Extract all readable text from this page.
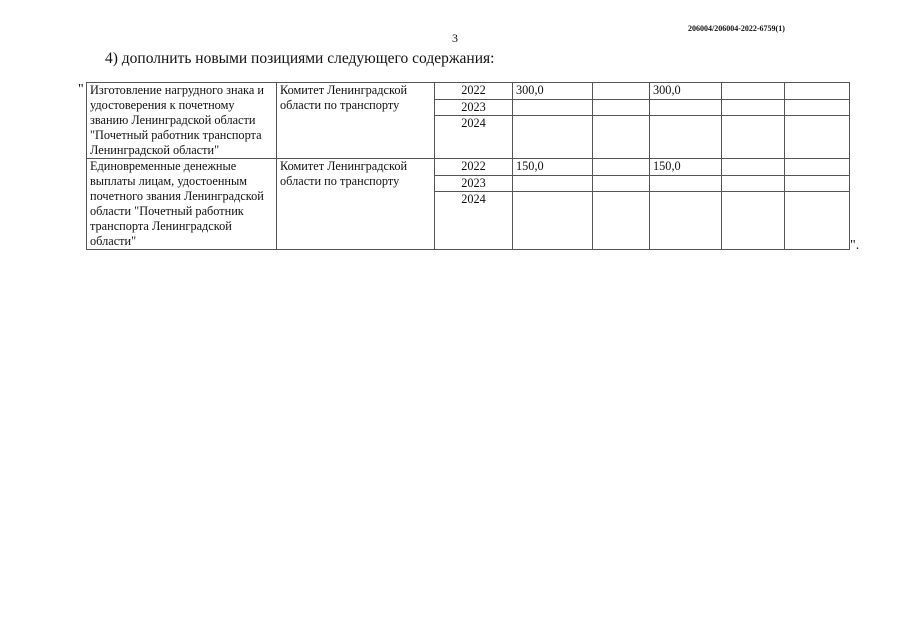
3
206004/206004-2022-6759(1)
4) дополнить новыми позициями следующего содержания:
"
".
Изготовление нагрудного знака и удостоверения к почетному званию Ленинградской области "Почетный работник транспорта Ленинградской области"	Комитет Ленинградской области по транспорту	2022	300,0		300,0		
		2023					
		2024					
Единовременные денежные выплаты лицам, удостоенным почетного звания Ленинградской области "Почетный работник транспорта Ленинградской области"	Комитет Ленинградской области по транспорту	2022	150,0		150,0		
		2023					
		2024					
